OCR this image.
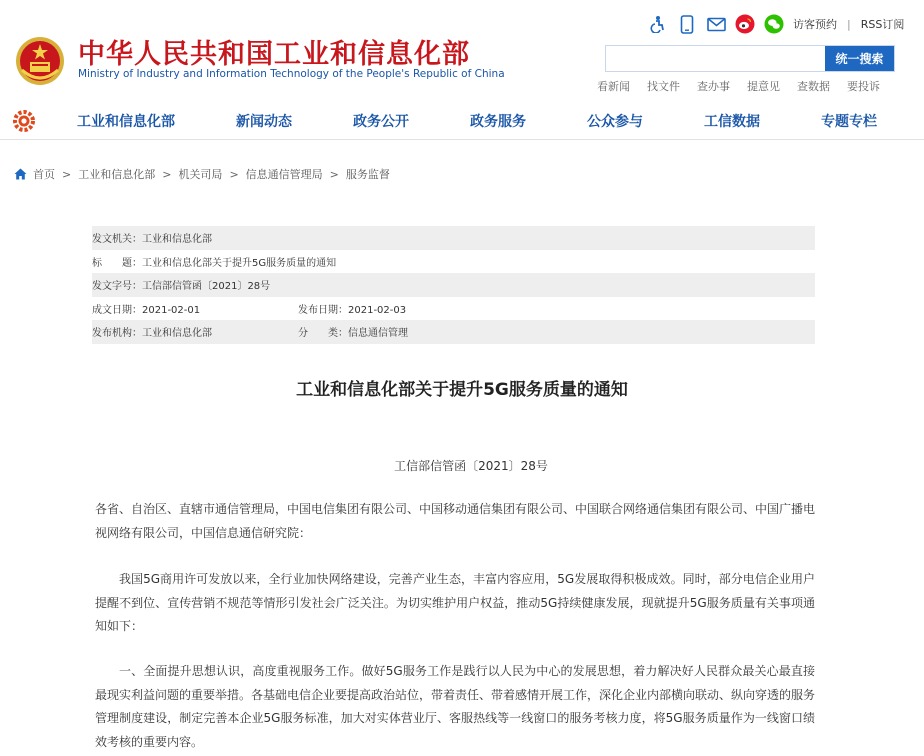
中华人民共和国工业和信息化部
Ministry of Industry and Information Technology of the People's Republic of China
访客预约 | RSS订阅
统一搜索
看新闻 找文件 查办事 提意见 查数据 要投诉
工业和信息化部	新闻动态	政务公开	政务服务	公众参与	工信数据	专题专栏
首页 > 工业和信息化部 > 机关司局 > 信息通信管理局 > 服务监督
发文机关：工业和信息化部
标　　题：工业和信息化部关于提升5G服务质量的通知
发文字号：工信部信管函〔2021〕28号
成文日期：2021-02-01	发布日期：2021-02-03
发布机构：工业和信息化部	分　　类：信息通信管理
工业和信息化部关于提升5G服务质量的通知
工信部信管函〔2021〕28号

各省、自治区、直辖市通信管理局，中国电信集团有限公司、中国移动通信集团有限公司、中国联合网络通信集团有限公司、中国广播电视网络有限公司，中国信息通信研究院：

我国5G商用许可发放以来，全行业加快网络建设，完善产业生态，丰富内容应用，5G发展取得积极成效。同时，部分电信企业用户提醒不到位、宣传营销不规范等情形引发社会广泛关注。为切实维护用户权益，推动5G持续健康发展，现就提升5G服务质量有关事项通知如下：

一、全面提升思想认识，高度重视服务工作。做好5G服务工作是践行以人民为中心的发展思想，着力解决好人民群众最关心最直接最现实利益问题的重要举措。各基础电信企业要提高政治站位，带着责任、带着感情开展工作，深化企业内部横向联动、纵向穿透的服务管理制度建设，制定完善本企业5G服务标准，加大对实体营业厅、客服热线等一线窗口的服务考核力度，将5G服务质量作为一线窗口绩效考核的重要内容。
